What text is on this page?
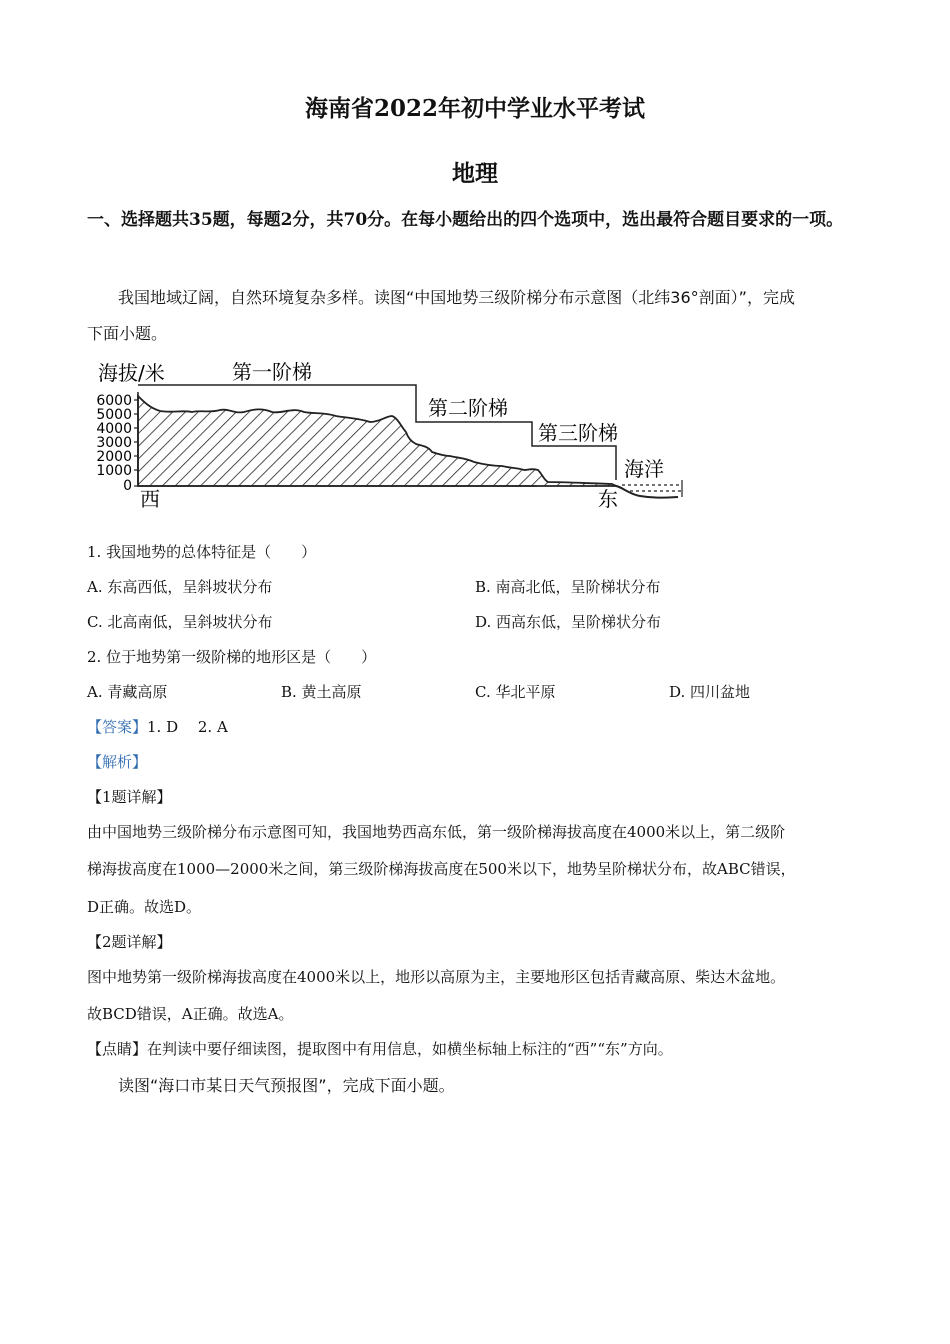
海南省2022年初中学业水平考试
地理
一、选择题共35题，每题2分，共70分。在每小题给出的四个选项中，选出最符合题目要求的一项。
我国地域辽阔，自然环境复杂多样。读图“中国地势三级阶梯分布示意图（北纬36°剖面）”，完成
下面小题。
6000
5000
4000
3000
2000
1000
0
海拔/米	第一阶梯
第二阶梯
第三阶梯
海洋
西	东
1. 我国地势的总体特征是（　　）
A. 东高西低，呈斜坡状分布	B. 南高北低，呈阶梯状分布
C. 北高南低，呈斜坡状分布	D. 西高东低，呈阶梯状分布
2. 位于地势第一级阶梯的地形区是（　　）
A. 青藏高原	B. 黄土高原	C. 华北平原	D. 四川盆地
【答案】1. D　 2. A
【解析】
【1题详解】
由中国地势三级阶梯分布示意图可知，我国地势西高东低，第一级阶梯海拔高度在4000米以上，第二级阶
梯海拔高度在1000—2000米之间，第三级阶梯海拔高度在500米以下，地势呈阶梯状分布，故ABC错误，
D正确。故选D。
【2题详解】
图中地势第一级阶梯海拔高度在4000米以上，地形以高原为主，主要地形区包括青藏高原、柴达木盆地。
故BCD错误，A正确。故选A。
【点睛】在判读中要仔细读图，提取图中有用信息，如横坐标轴上标注的“西”“东”方向。
读图“海口市某日天气预报图”，完成下面小题。
